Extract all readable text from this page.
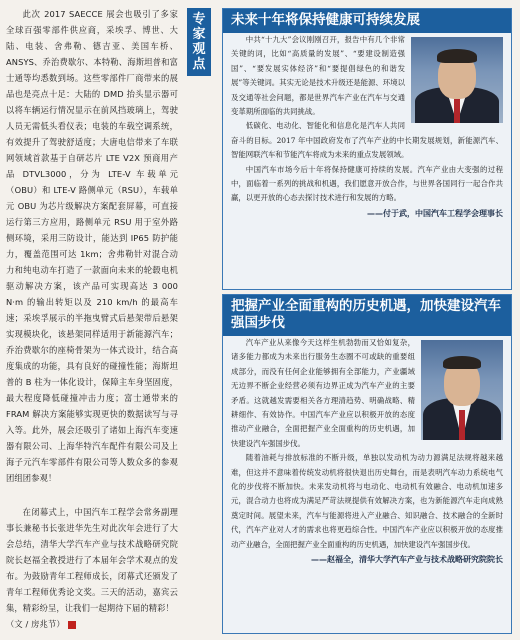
此次 2017 SAECCE 展会也吸引了多家全球百强零部件供应商，采埃孚、博世、大陆、电装、舍弗勒、德吉亚、美国车桥、ANSYS、乔治费歇尔、本特勒、海斯坦普和富士通等均悉数到场。这些零部件厂商带来的展品也是亮点十足：大陆的 DMD 抬头显示器可以将车辆运行情况显示在前风挡玻璃上，驾驶人员无需低头看仪表；电装的车载空调系统，有效提升了驾驶舒适度；大唐电信带来了车联网领域首款基于自研芯片 LTE V2X 预商用产品 DTVL3000，分为 LTE-V 车载单元（OBU）和 LTE-V 路侧单元（RSU），车载单元 OBU 为芯片级解决方案配套屏幕，可直接运行第三方应用，路侧单元 RSU 用于室外路侧环境，采用三防设计，能达到 IP65 防护能力，覆盖范围可达 1km；舍弗勒针对混合动力和纯电动车打造了一款面向未来的轮毂电机驱动解决方案，该产品可实现高达 3 000 N·m 的输出转矩以及 210 km/h 的最高车速；采埃孚展示的半拖曳臂式后悬架带后悬架实现模块化，该悬架同样适用于新能源汽车；乔治费歇尔的座椅骨架为一体式设计，结合高度集成的功能，具有良好的碰撞性能；海斯坦普的 B 柱为一体化设计，保障主车身坚固度，最大程度降低碰撞冲击力度；富士通带来的 FRAM 解决方案能够实现更快的数据读写与寻入等。此外，展会还吸引了诸如上海汽车变速器有限公司、上海华特汽车配件有限公司及上海子元汽车零部件有限公司等人数众多的参观团组团参观！

在闭幕式上，中国汽车工程学会常务副理事长兼秘书长张进华先生对此次年会进行了大会总结，清华大学汽车产业与技术战略研究院院长赵福全教授进行了本届年会学术观点的发布。为鼓励青年工程师成长，闭幕式还颁发了青年工程师优秀论文奖。三天的活动，嘉宾云集，精彩纷呈，让我们一起期待下届的精彩！

（文 / 房兆节）

专家
观点
未来十年将保持健康可持续发展

中共“十九大”会议刚刚召开，报告中有几个非常关键的词，比如“高质量的发展”、“要建设制造强国”、“要发展实体经济”和“要提倡绿色的和谐发展”等关键词。其实无论是技术升级还是能源、环境以及交通等社会问题，都是世界汽车产业在汽车与交通变革期所面临的共同挑战。

低碳化、电动化、智能化和信息化是汽车人共同奋斗的目标。2017 年中国政府发布了汽车产业的中长期发展规划，新能源汽车、智能网联汽车和节能汽车将成为未来的重点发展领域。

中国汽车市场今后十年将保持健康可持续的发展。汽车产业由大变强的过程中，面临着一系列的挑战和机遇，我们愿意开放合作，与世界各国同行一起合作共赢，以更开放的心态去探讨技术进行和发展的方略。

——付于武，中国汽车工程学会理事长
把握产业全面重构的历史机遇，加快建设汽车强国步伐

汽车产业从来像今天这样生机勃勃而又恰如复杂，诸多能力都成为未来出行服务生态圈不可或缺的重要组成部分，而没有任何企业能够拥有全部能力，产业疆域无边界不断企业经营必须有边界正成为汽车产业的主要矛盾。这就越发需要相关各方理清趋势、明确战略、精耕细作、有效协作。中国汽车产业应以积极开放的态度推动产业融合，全面把握产业全面重构的历史机遇，加快建设汽车强国步伐。

随着油耗与排放标准的不断升级，单独以发动机为动力源满足法规将越来越难，但这并不意味着传统发动机将很快退出历史舞台，而是表明汽车动力系统电气化的步伐将不断加快。未来发动机将与电动化、电动机有效融合、电动机加速多元，混合动力也将成为满足严苛法规提供有效解决方案，也为新能源汽车走向成熟奠定时间。展望未来，汽车与能源将进入产业融合、知识融合、技术融合的全新时代，汽车产业对人才的需求也将更趋综合性。中国汽车产业应以积极开放的态度推动产业融合，全面把握产业全面重构的历史机遇，加快建设汽车强国步伐。

——赵福全，清华大学汽车产业与技术战略研究院院长
